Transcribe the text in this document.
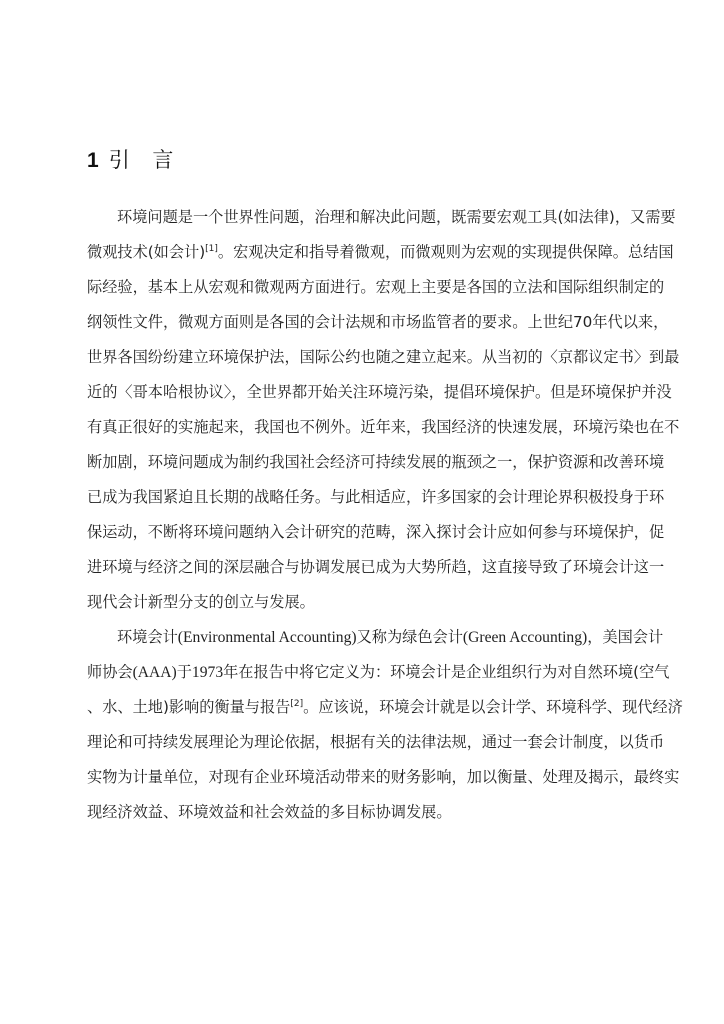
1 引 言
环境问题是一个世界性问题，治理和解决此问题，既需要宏观工具(如法律)，又需要
微观技术(如会计)[1]。宏观决定和指导着微观，而微观则为宏观的实现提供保障。总结国
际经验，基本上从宏观和微观两方面进行。宏观上主要是各国的立法和国际组织制定的
纲领性文件，微观方面则是各国的会计法规和市场监管者的要求。上世纪70年代以来，
世界各国纷纷建立环境保护法，国际公约也随之建立起来。从当初的〈京都议定书〉到最
近的〈哥本哈根协议〉，全世界都开始关注环境污染，提倡环境保护。但是环境保护并没
有真正很好的实施起来，我国也不例外。近年来，我国经济的快速发展，环境污染也在不
断加剧，环境问题成为制约我国社会经济可持续发展的瓶颈之一，保护资源和改善环境
已成为我国紧迫且长期的战略任务。与此相适应，许多国家的会计理论界积极投身于环
保运动，不断将环境问题纳入会计研究的范畴，深入探讨会计应如何参与环境保护，促
进环境与经济之间的深层融合与协调发展已成为大势所趋，这直接导致了环境会计这一
现代会计新型分支的创立与发展。
环境会计(Environmental Accounting)又称为绿色会计(Green Accounting)，美国会计
师协会(AAA)于1973年在报告中将它定义为：环境会计是企业组织行为对自然环境(空气
、水、土地)影响的衡量与报告[2]。应该说，环境会计就是以会计学、环境科学、现代经济
理论和可持续发展理论为理论依据，根据有关的法律法规，通过一套会计制度，以货币
实物为计量单位，对现有企业环境活动带来的财务影响，加以衡量、处理及揭示，最终实
现经济效益、环境效益和社会效益的多目标协调发展。
